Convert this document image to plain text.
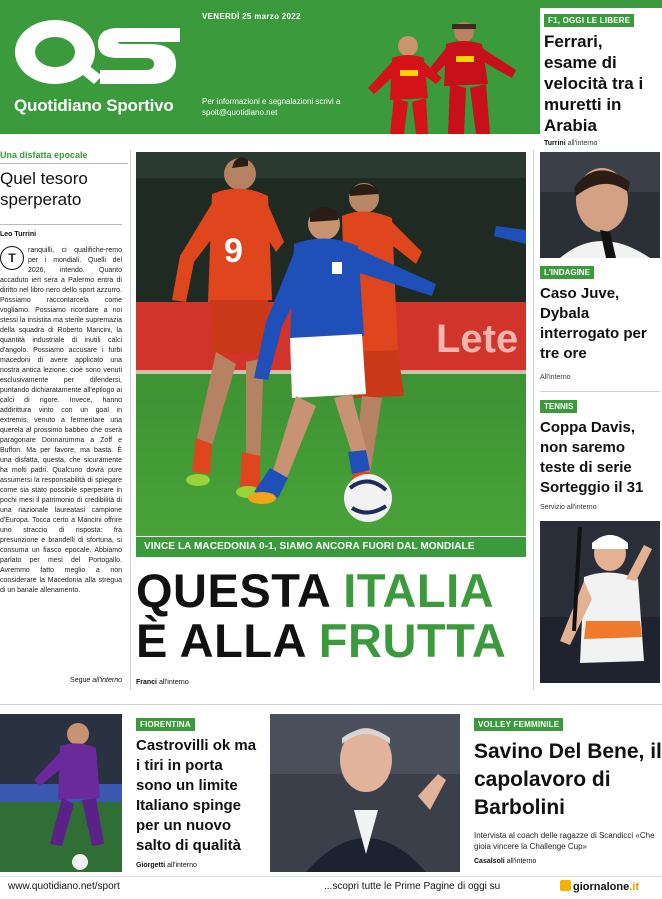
Quotidiano Sportivo
VENERDÌ 25 marzo 2022
Per informazioni e segnalazioni scrivi a spoit@quotidiano.net
F1, OGGI LE LIBERE
Ferrari, esame di velocità tra i muretti in Arabia
Turrini all'interno
Una disfatta epocale
Quel tesoro sperperato
Leo Turrini
T
ranquilli, ci qualifiche-remo per i mondiali. Quelli del 2026, intendo. Quanto accaduto ieri sera a Palermo entra di diritto nel libro nero dello sport azzurro. Possiamo raccontarcela come vogliamo. Possiamo ricordare a noi stessi la insistita ma sterile supremazia della squadra di Roberto Mancini, la quantità industriale di inutili calci d'angolo. Possiamo accusare i furbi macedoni di avere applicato una nostra antica lezione: cioè sono venuti esclusivamente per difendersi, puntando dichiaratamente all'epilogo ai calci di rigore. Invece, hanno addirittura vinto con un goal in extremis, venuto a fermeritare una querela al prossimo babbeo che oserà paragonare Donnarumma a Zoff e Buffon. Ma per favore, ma basta. È una disfatta, questa, che sicuramente ha molti padri. Qualcuno dovrà pure assumersi la responsabilità di spiegare come sia stato possibile sperperare in pochi mesi il patrimonio di credibilità di una nazionale laureatasi campione d'Europa. Tocca certo a Mancini offrire uno straccio di risposta: fra presunzione e brandelli di sfortuna, si consuma un fiasco epocale. Abbiamo parlato per mesi del Portogallo. Avremmo fatto meglio a non considerare la Macedonia alla stregua di un banale allenamento.
Segue all'interno
Lete
9
VINCE LA MACEDONIA 0-1, SIAMO ANCORA FUORI DAL MONDIALE
QUESTA ITALIA
È ALLA FRUTTA
Franci all'interno
L'INDAGINE
Caso Juve, Dybala interrogato per tre ore
All'interno
TENNIS
Coppa Davis, non saremo teste di serie Sorteggio il 31
Servizio all'interno
FIORENTINA
Castrovilli ok ma i tiri in porta sono un limite Italiano spinge per un nuovo salto di qualità
Giorgetti all'interno
VOLLEY FEMMINILE
Savino Del Bene, il capolavoro di Barbolini
Intervista al coach delle ragazze di Scandicci «Che gioia vincere la Challenge Cup»
Casalsoli all'interno
www.quotidiano.net/sport	...scopri tutte le Prime Pagine di oggi su	giornalone.it
